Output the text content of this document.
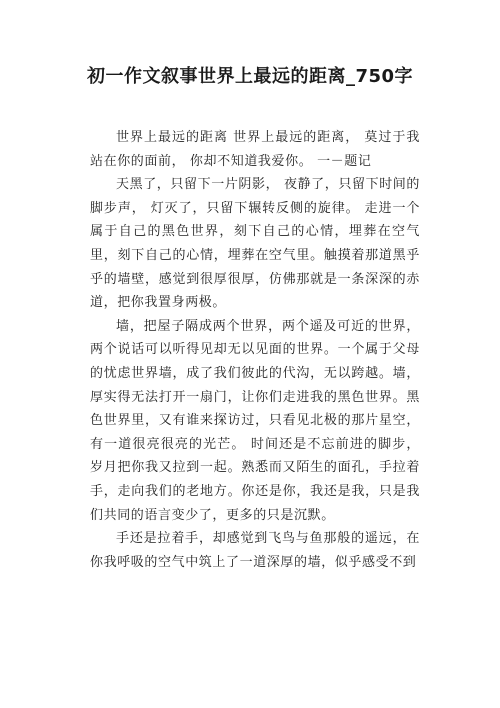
初一作文叙事世界上最远的距离_750字

世界上最远的距离 世界上最远的距离， 莫过于我站在你的面前， 你却不知道我爱你。 一－题记

天黑了，只留下一片阴影， 夜静了，只留下时间的脚步声， 灯灭了，只留下辗转反侧的旋律。 走进一个属于自己的黑色世界，刻下自己的心情，埋葬在空气里，刻下自己的心情，埋葬在空气里。触摸着那道黑乎乎的墙壁，感觉到很厚很厚，仿佛那就是一条深深的赤道，把你我置身两极。

墙，把屋子隔成两个世界，两个遥及可近的世界，两个说话可以听得见却无以见面的世界。一个属于父母的忧虑世界墙，成了我们彼此的代沟，无以跨越。墙，厚实得无法打开一扇门，让你们走进我的黑色世界。黑色世界里，又有谁来探访过，只看见北极的那片星空，有一道很亮很亮的光芒。 时间还是不忘前进的脚步，岁月把你我又拉到一起。熟悉而又陌生的面孔，手拉着手，走向我们的老地方。你还是你，我还是我，只是我们共同的语言变少了，更多的只是沉默。

手还是拉着手，却感觉到飞鸟与鱼那般的遥远，在你我呼吸的空气中筑上了一道深厚的墙，似乎感受不到
